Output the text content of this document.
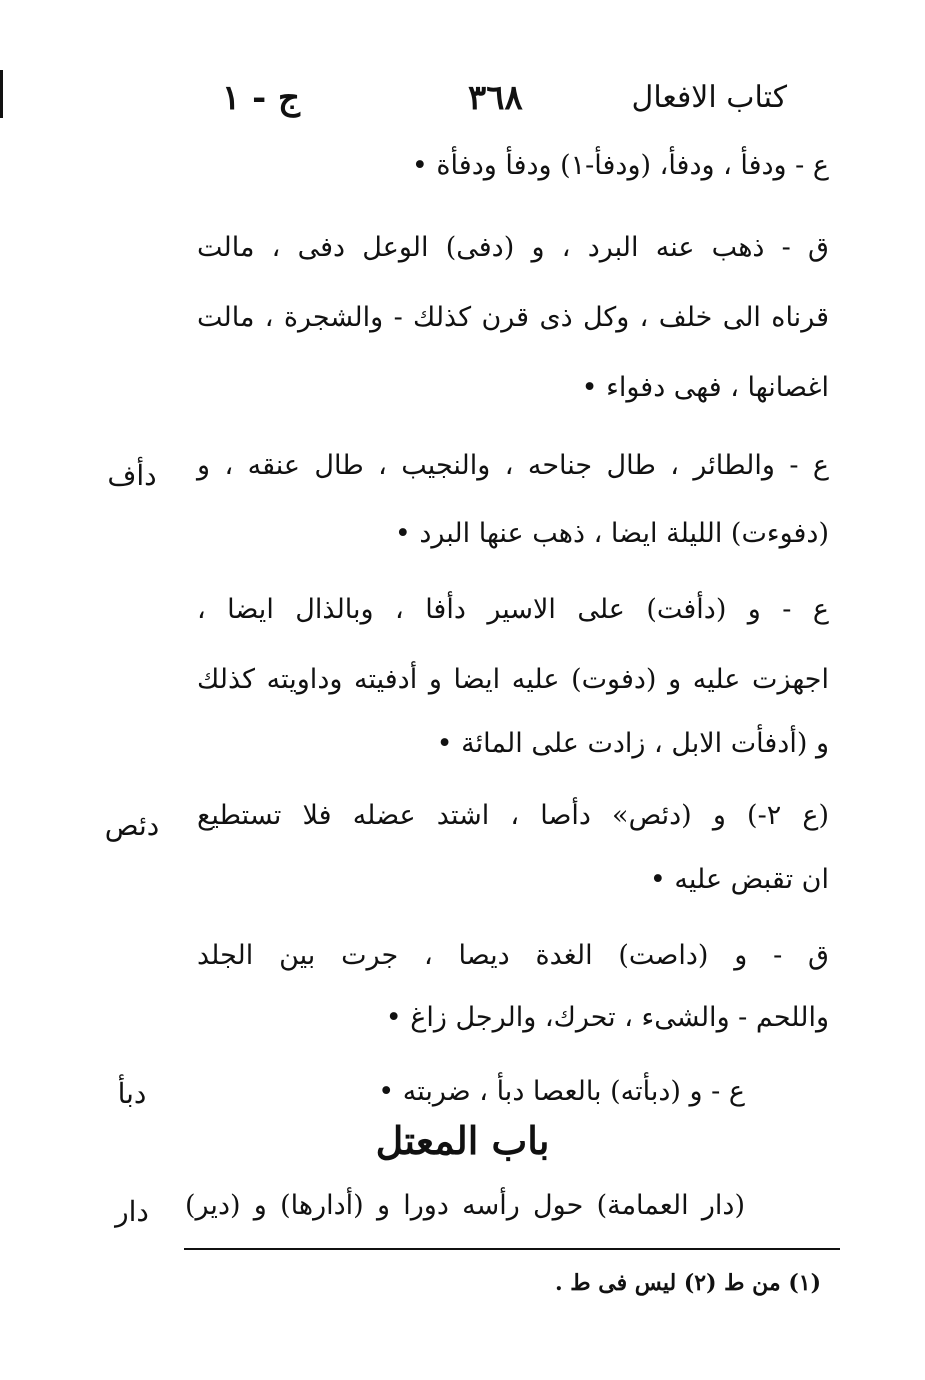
كتاب الافعال
٣٦٨
ج - ١
ع - ودفأ ، ودفأ، (ودفأ-١) ودفأ ودفأة •
ق - ذهب عنه البرد ، و (دفى) الوعل دفى ، مالت
قرناه الى خلف ، وكل ذى قرن كذلك - والشجرة ، مالت
اغصانها ، فهى دفواء •
ع - والطائر ، طال جناحه ، والنجيب ، طال عنقه ، و
دأف
(دفوءت) الليلة ايضا ، ذهب عنها البرد •
ع - و (دأفت) على الاسير دأفا ، وبالذال ايضا ،
اجهزت عليه و (دفوت) عليه ايضا و أدفيته وداويته كذلك
و (أدفأت الابل ، زادت على المائة •
(ع ٢-) و (دئص» دأصا ، اشتد عضله فلا تستطيع
دئص
ان تقبض عليه •
ق - و (داصت) الغدة ديصا ، جرت بين الجلد
واللحم - والشىء ، تحرك، والرجل زاغ •
ع - و (دبأته) بالعصا دبأ ، ضربته •
دبأ
باب المعتل
(دار العمامة) حول رأسه دورا و (أدارها) و (دير)
دار
(١) من ط (٢) ليس فى ط .
